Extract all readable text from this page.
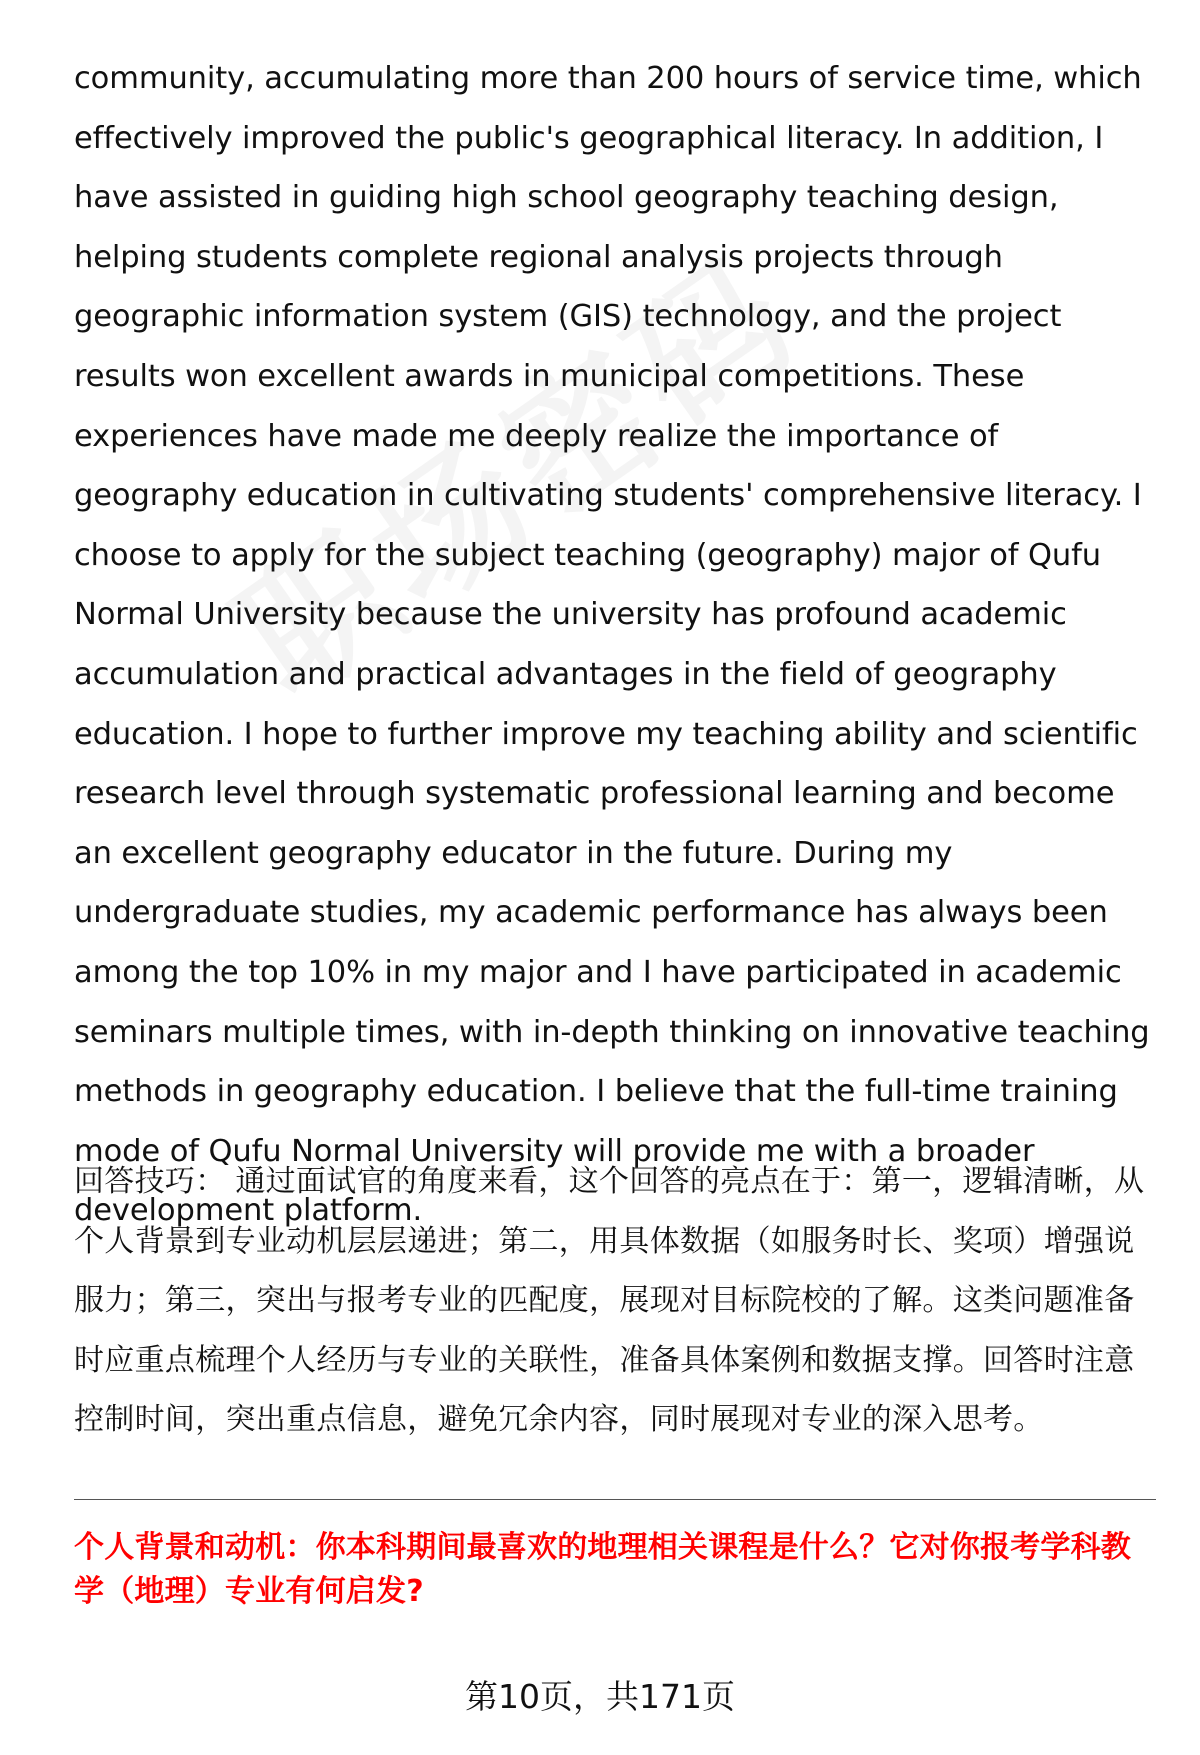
community, accumulating more than 200 hours of service time, which effectively improved the public's geographical literacy. In addition, I have assisted in guiding high school geography teaching design, helping students complete regional analysis projects through geographic information system (GIS) technology, and the project results won excellent awards in municipal competitions. These experiences have made me deeply realize the importance of geography education in cultivating students' comprehensive literacy. I choose to apply for the subject teaching (geography) major of Qufu Normal University because the university has profound academic accumulation and practical advantages in the field of geography education. I hope to further improve my teaching ability and scientific research level through systematic professional learning and become an excellent geography educator in the future. During my undergraduate studies, my academic performance has always been among the top 10% in my major and I have participated in academic seminars multiple times, with in-depth thinking on innovative teaching methods in geography education. I believe that the full-time training mode of Qufu Normal University will provide me with a broader development platform.

回答技巧： 通过面试官的角度来看，这个回答的亮点在于：第一，逻辑清晰，从个人背景到专业动机层层递进；第二，用具体数据（如服务时长、奖项）增强说服力；第三，突出与报考专业的匹配度，展现对目标院校的了解。这类问题准备时应重点梳理个人经历与专业的关联性，准备具体案例和数据支撑。回答时注意控制时间，突出重点信息，避免冗余内容，同时展现对专业的深入思考。

个人背景和动机：你本科期间最喜欢的地理相关课程是什么？它对你报考学科教学（地理）专业有何启发?

第10页，共171页
